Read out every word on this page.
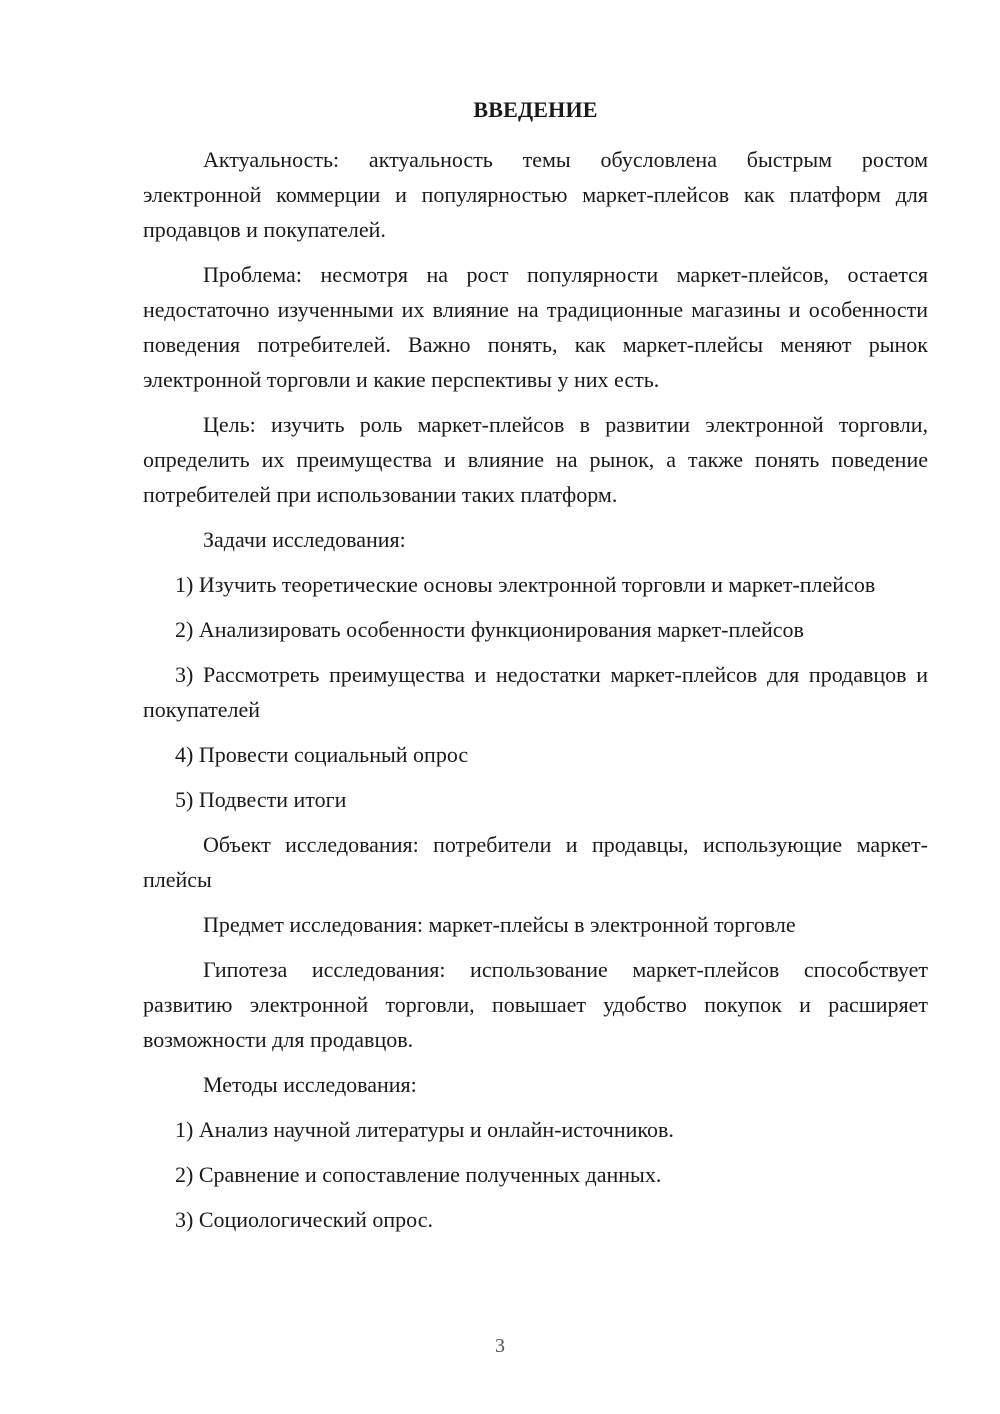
ВВЕДЕНИЕ

Актуальность: актуальность темы обусловлена быстрым ростом электронной коммерции и популярностью маркет-плейсов как платформ для продавцов и покупателей.

Проблема: несмотря на рост популярности маркет-плейсов, остается недостаточно изученными их влияние на традиционные магазины и особенности поведения потребителей. Важно понять, как маркет-плейсы меняют рынок электронной торговли и какие перспективы у них есть.

Цель: изучить роль маркет-плейсов в развитии электронной торговли, определить их преимущества и влияние на рынок, а также понять поведение потребителей при использовании таких платформ.

Задачи исследования:

1) Изучить теоретические основы электронной торговли и маркет-плейсов

2) Анализировать особенности функционирования маркет-плейсов

3) Рассмотреть преимущества и недостатки маркет-плейсов для продавцов и покупателей

4) Провести социальный опрос

5) Подвести итоги

Объект исследования: потребители и продавцы, использующие маркет-плейсы

Предмет исследования: маркет-плейсы в электронной торговле

Гипотеза исследования: использование маркет-плейсов способствует развитию электронной торговли, повышает удобство покупок и расширяет возможности для продавцов.

Методы исследования:

1) Анализ научной литературы и онлайн-источников.

2) Сравнение и сопоставление полученных данных.

3) Социологический опрос.

3
